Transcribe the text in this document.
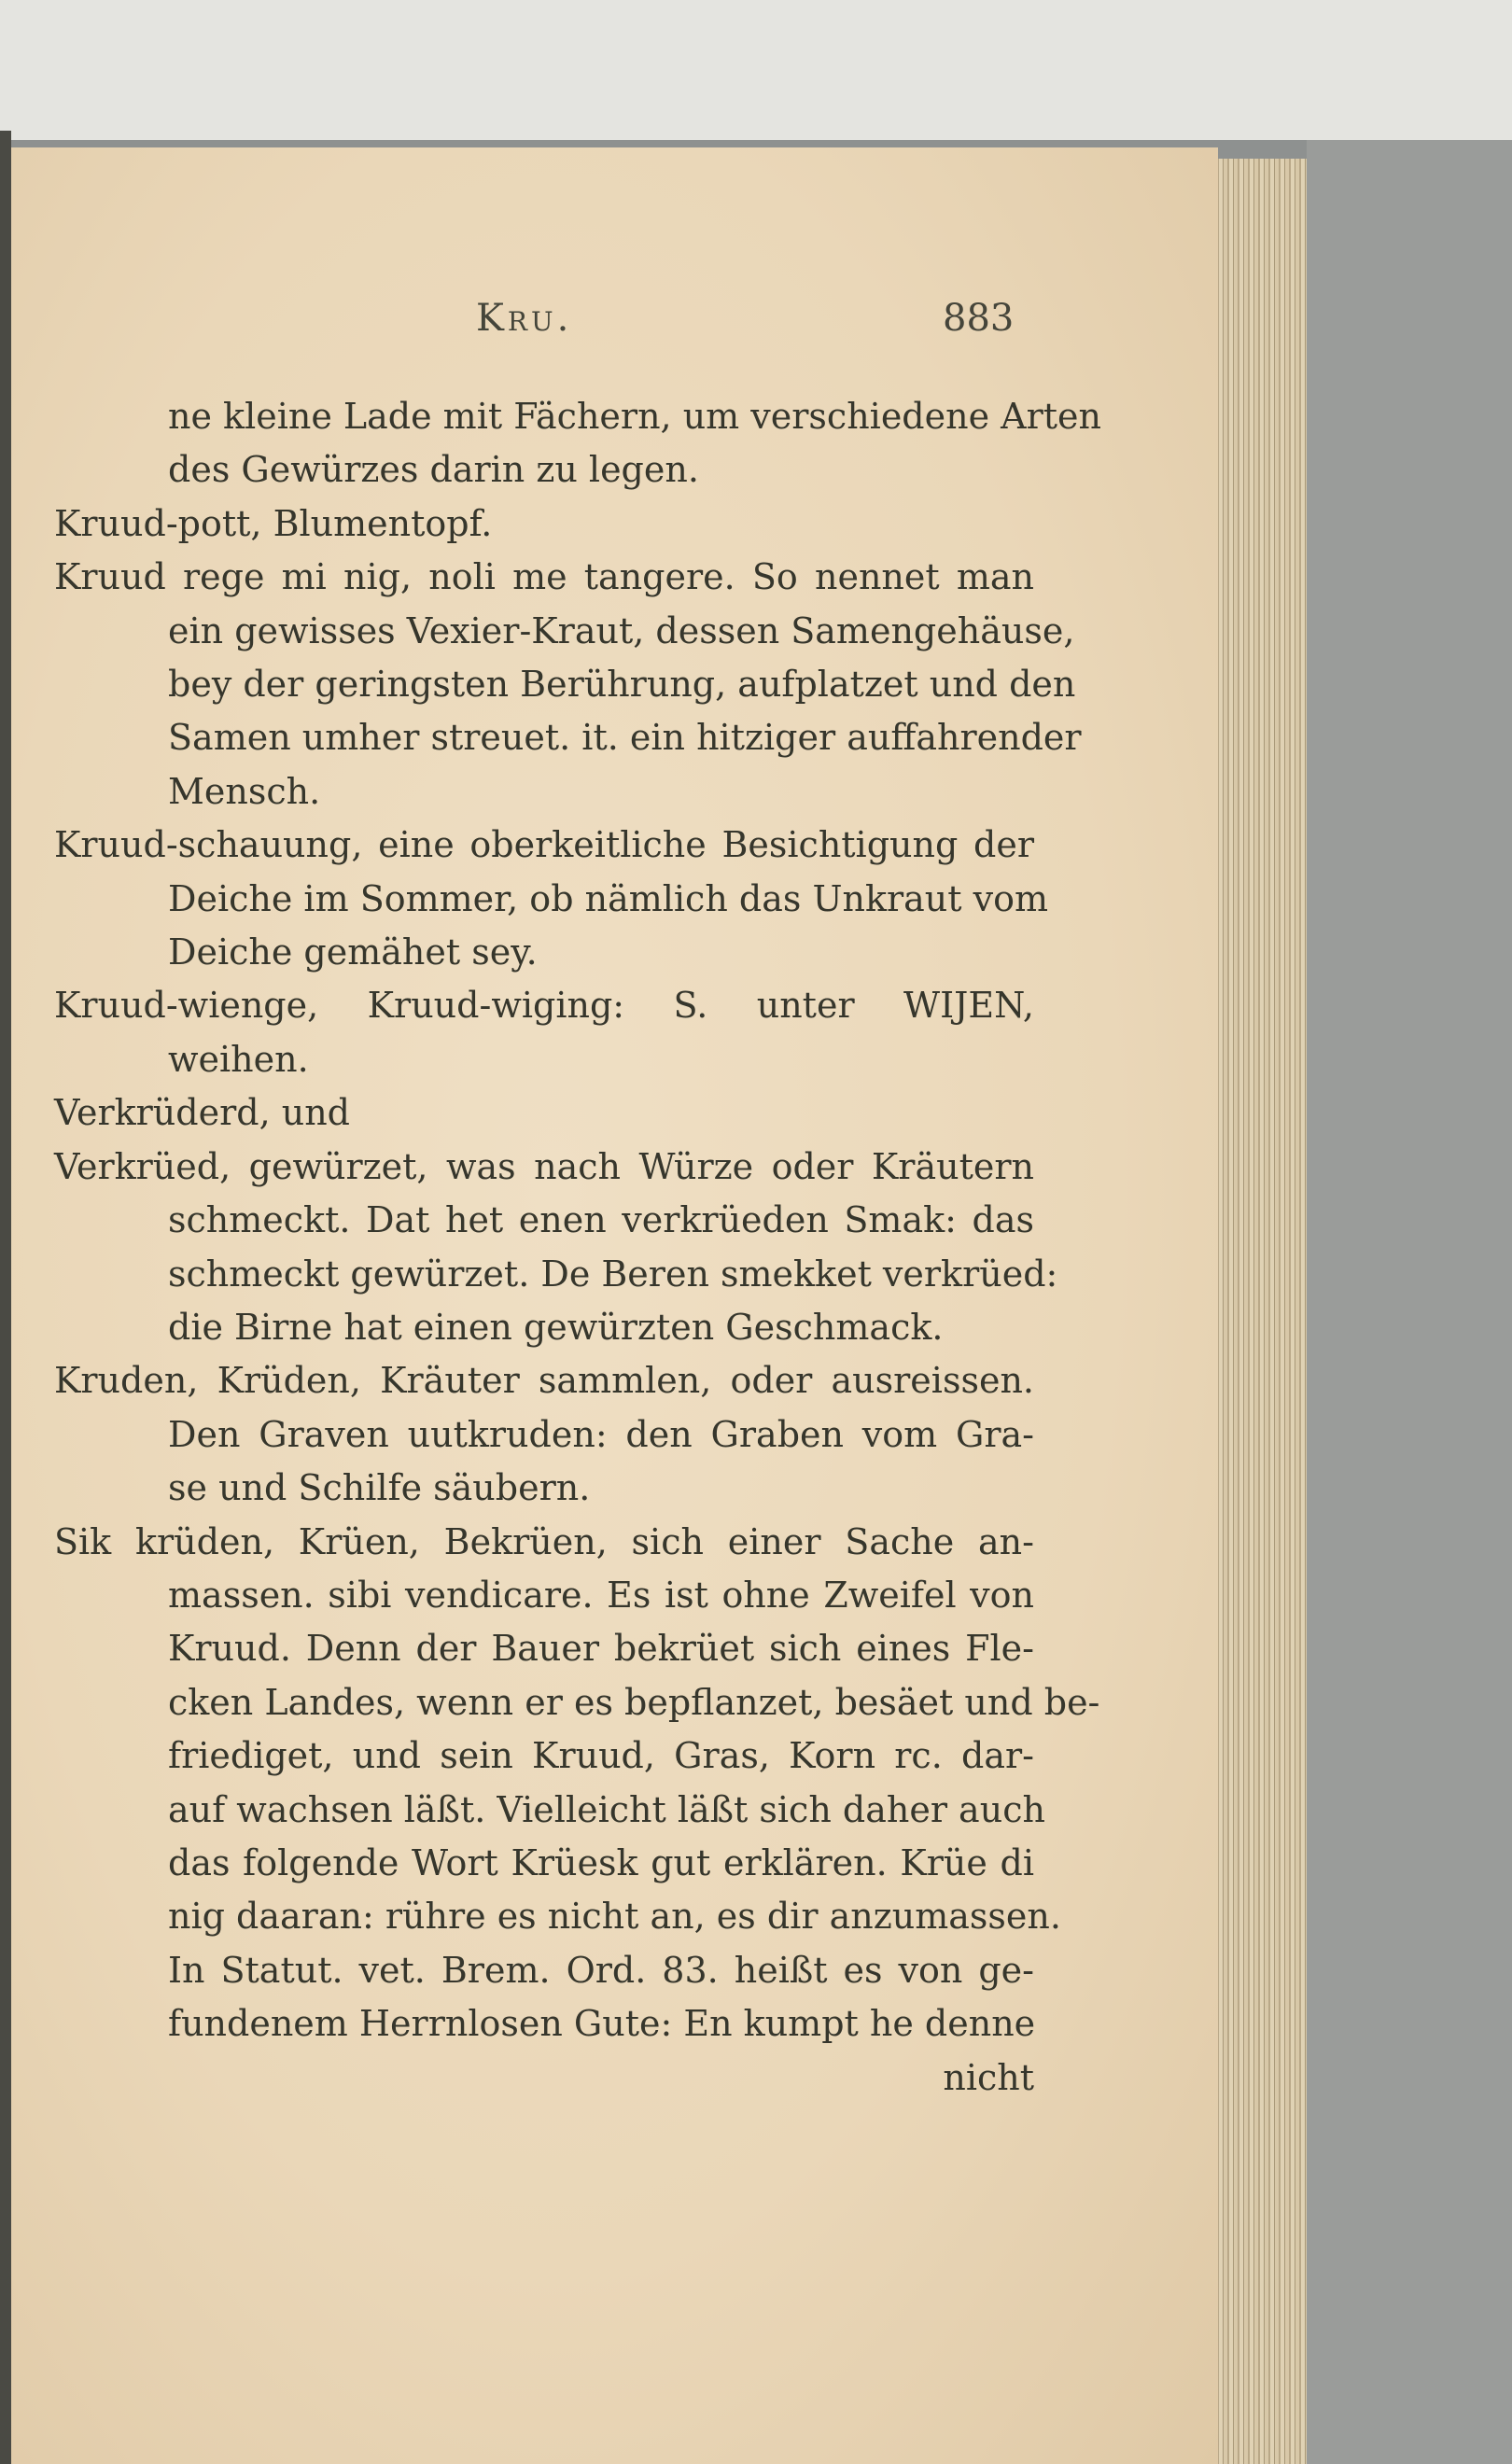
Kru.	883
ne kleine Lade mit Fächern, um verschiedene Arten
des Gewürzes darin zu legen.
Kruud-pott, Blumentopf.
Kruud rege mi nig, noli me tangere. So nennet man
ein gewisses Vexier-Kraut, dessen Samengehäuse,
bey der geringsten Berührung, aufplatzet und den
Samen umher streuet. it. ein hitziger auffahrender
Mensch.
Kruud-schauung, eine oberkeitliche Besichtigung der
Deiche im Sommer, ob nämlich das Unkraut vom
Deiche gemähet sey.
Kruud-wienge, Kruud-wiging: S. unter WIJEN,
weihen.
Verkrüderd, und
Verkrüed, gewürzet, was nach Würze oder Kräutern
schmeckt. Dat het enen verkrüeden Smak: das
schmeckt gewürzet. De Beren smekket verkrüed:
die Birne hat einen gewürzten Geschmack.
Kruden, Krüden, Kräuter sammlen, oder ausreissen.
Den Graven uutkruden: den Graben vom Gra-
se und Schilfe säubern.
Sik krüden, Krüen, Bekrüen, sich einer Sache an-
massen. sibi vendicare. Es ist ohne Zweifel von
Kruud. Denn der Bauer bekrüet sich eines Fle-
cken Landes, wenn er es bepflanzet, besäet und be-
friediget, und sein Kruud, Gras, Korn rc. dar-
auf wachsen läßt. Vielleicht läßt sich daher auch
das folgende Wort Krüesk gut erklären. Krüe di
nig daaran: rühre es nicht an, es dir anzumassen.
In Statut. vet. Brem. Ord. 83. heißt es von ge-
fundenem Herrnlosen Gute: En kumpt he denne
nicht
